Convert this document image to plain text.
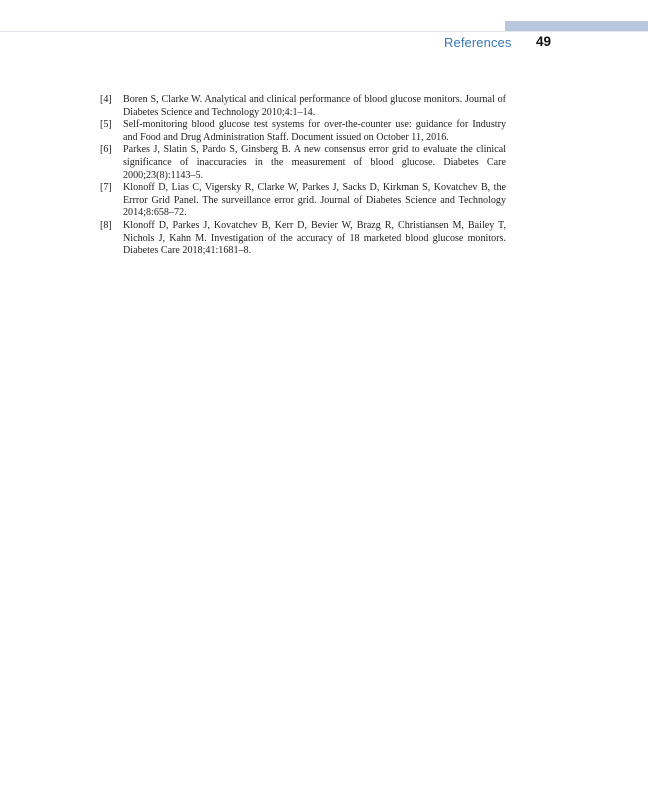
References 49
[4] Boren S, Clarke W. Analytical and clinical performance of blood glucose monitors. Journal of Diabetes Science and Technology 2010;4:1–14.
[5] Self-monitoring blood glucose test systems for over-the-counter use: guidance for Industry and Food and Drug Administration Staff. Document issued on October 11, 2016.
[6] Parkes J, Slatin S, Pardo S, Ginsberg B. A new consensus error grid to evaluate the clinical significance of inaccuracies in the measurement of blood glucose. Diabetes Care 2000;23(8):1143–5.
[7] Klonoff D, Lias C, Vigersky R, Clarke W, Parkes J, Sacks D, Kirkman S, Kovatchev B, the Errror Grid Panel. The surveillance error grid. Journal of Diabetes Science and Technology 2014;8:658–72.
[8] Klonoff D, Parkes J, Kovatchev B, Kerr D, Bevier W, Brazg R, Christiansen M, Bailey T, Nichols J, Kahn M. Investigation of the accuracy of 18 marketed blood glucose monitors. Diabetes Care 2018;41:1681–8.
